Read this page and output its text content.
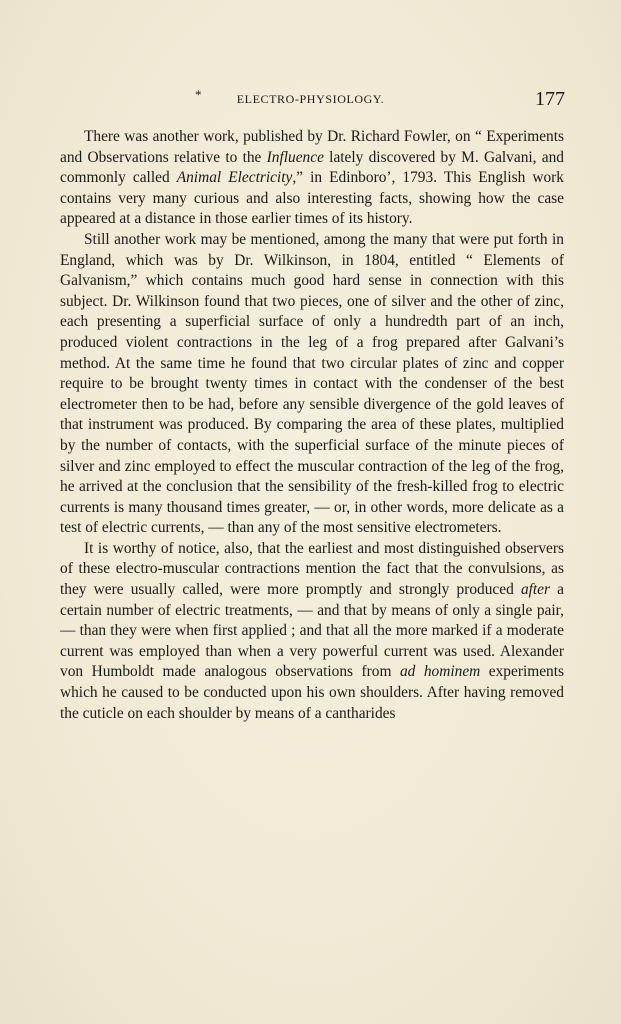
*	ELECTRO-PHYSIOLOGY.	177

There was another work, published by Dr. Richard Fowler, on “ Experiments and Observations relative to the Influence lately discovered by M. Galvani, and commonly called Animal Electricity,” in Edinboro’, 1793. This English work contains very many curious and also interesting facts, showing how the case appeared at a distance in those earlier times of its history.

Still another work may be mentioned, among the many that were put forth in England, which was by Dr. Wilkinson, in 1804, entitled “ Elements of Galvanism,” which contains much good hard sense in connection with this subject. Dr. Wilkinson found that two pieces, one of silver and the other of zinc, each presenting a superficial surface of only a hundredth part of an inch, produced violent contractions in the leg of a frog prepared after Galvani’s method. At the same time he found that two circular plates of zinc and copper require to be brought twenty times in contact with the condenser of the best electrometer then to be had, before any sensible divergence of the gold leaves of that instrument was produced. By comparing the area of these plates, multiplied by the number of contacts, with the superficial surface of the minute pieces of silver and zinc employed to effect the muscular contraction of the leg of the frog, he arrived at the conclusion that the sensibility of the fresh-killed frog to electric currents is many thousand times greater, — or, in other words, more delicate as a test of electric currents, — than any of the most sensitive electrometers.

It is worthy of notice, also, that the earliest and most distinguished observers of these electro-muscular contractions mention the fact that the convulsions, as they were usually called, were more promptly and strongly produced after a certain number of electric treatments, — and that by means of only a single pair, — than they were when first applied ; and that all the more marked if a moderate current was employed than when a very powerful current was used. Alexander von Humboldt made analogous observations from ad hominem experiments which he caused to be conducted upon his own shoulders. After having removed the cuticle on each shoulder by means of a cantharides
